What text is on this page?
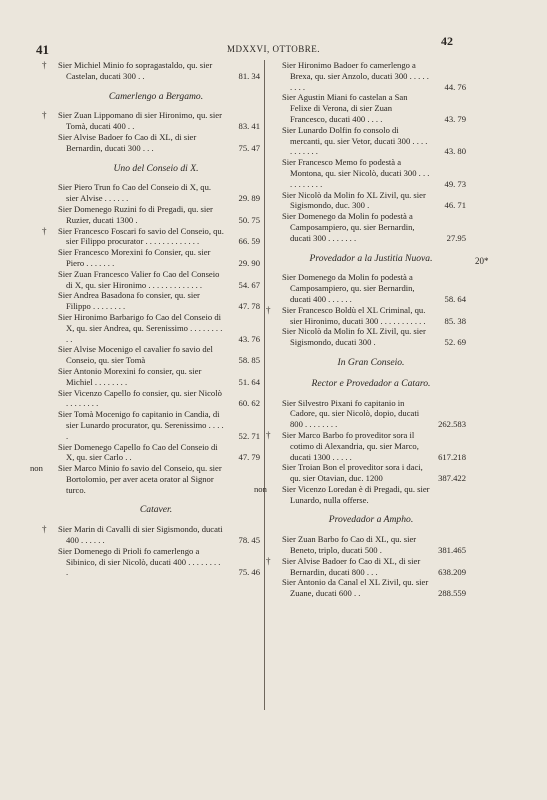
41	MDXXVI, OTTOBRE.
42
20*
†	Sier Michiel Minio fo sopragastaldo, qu. sier Castelan, ducati 300 . .	81. 34
Camerlengo a Bergamo.
†	Sier Zuan Lippomano di sier Hironimo, qu. sier Tomà, ducati 400 . .	83. 41
Sier Alvise Badoer fo Cao di XL, di sier Bernardin, ducati 300 . . .	75. 47
Uno del Conseio di X.
Sier Piero Trun fo Cao del Conseio di X, qu. sier Alvise . . . . . .	29. 89
Sier Domenego Ruzini fo di Pregadi, qu. sier Ruzier, ducati 1300 .	50. 75
†	Sier Francesco Foscari fo savio del Conseio, qu. sier Filippo procurator . . . . . . . . . . . . .	66. 59
Sier Francesco Morexini fo Consier, qu. sier Piero . . . . . . .	29. 90
Sier Zuan Francesco Valier fo Cao del Conseio di X, qu. sier Hironimo . . . . . . . . . . . . .	54. 67
Sier Andrea Basadona fo consier, qu. sier Filippo . . . . . . . .	47. 78
Sier Hironimo Barbarigo fo Cao del Conseio di X, qu. sier Andrea, qu. Serenissimo . . . . . . . . . .	43. 76
Sier Alvise Mocenigo el cavalier fo savio del Conseio, qu. sier Tomà	58. 85
Sier Antonio Morexini fo consier, qu. sier Michiel . . . . . . . .	51. 64
Sier Vicenzo Capello fo consier, qu. sier Nicolò . . . . . . . .	60. 62
Sier Tomà Mocenigo fo capitanio in Candia, di sier Lunardo procurator, qu. Serenissimo . . . . .	52. 71
Sier Domenego Capello fo Cao del Conseio di X, qu. sier Carlo . .	47. 79
non	Sier Marco Minio fo savio del Conseio, qu. sier Bortolomio, per aver aceta orator al Signor turco.
Cataver.
†	Sier Marin di Cavalli di sier Sigismondo, ducati 400 . . . . . .	78. 45
Sier Domenego di Prioli fo camerlengo a Sibinico, di sier Nicolò, ducati 400 . . . . . . . . .	75. 46
Sier Hironimo Badoer fo camerlengo a Brexa, qu. sier Anzolo, ducati 300 . . . . . . . . .	44. 76
Sier Agustin Miani fo castelan a San Felixe di Verona, di sier Zuan Francesco, ducati 400 . . . .	43. 79
Sier Lunardo Dolfin fo consolo di mercanti, qu. sier Vetor, ducati 300 . . . . . . . . . . .	43. 80
Sier Francesco Memo fo podestà a Montona, qu. sier Nicolò, ducati 300 . . . . . . . . . . .	49. 73
Sier Nicolò da Molin fo XL Zivil, qu. sier Sigismondo, duc. 300 .	46. 71
Sier Domenego da Molin fo podestà a Camposampiero, qu. sier Bernardin, ducati 300 . . . . . . .	27.95
Provedador a la Justitia Nuova.
Sier Domenego da Molin fo podestà a Camposampiero, qu. sier Bernardin, ducati 400 . . . . . .	58. 64
†	Sier Francesco Boldù el XL Criminal, qu. sier Hironimo, ducati 300 . . . . . . . . . . .	85. 38
Sier Nicolò da Molin fo XL Zivil, qu. sier Sigismondo, ducati 300 .	52. 69
In Gran Conseio.
Rector e Provedador a Cataro.
Sier Silvestro Pixani fo capitanio in Cadore, qu. sier Nicolò, dopio, ducati 800 . . . . . . . .	262.583
†	Sier Marco Barbo fo proveditor sora il cotimo di Alexandria, qu. sier Marco, ducati 1300 . . . . .	617.218
Sier Troian Bon el proveditor sora i daci, qu. sier Otavian, duc. 1200	387.422
non	Sier Vicenzo Loredan è di Pregadi, qu. sier Lunardo, nulla offerse.
Provedador a Ampho.
Sier Zuan Barbo fo Cao di XL, qu. sier Beneto, triplo, ducati 500 .	381.465
†	Sier Alvise Badoer fo Cao di XL, di sier Bernardin, ducati 800 . . .	638.209
Sier Antonio da Canal el XL Zivil, qu. sier Zuane, ducati 600 . .	288.559
